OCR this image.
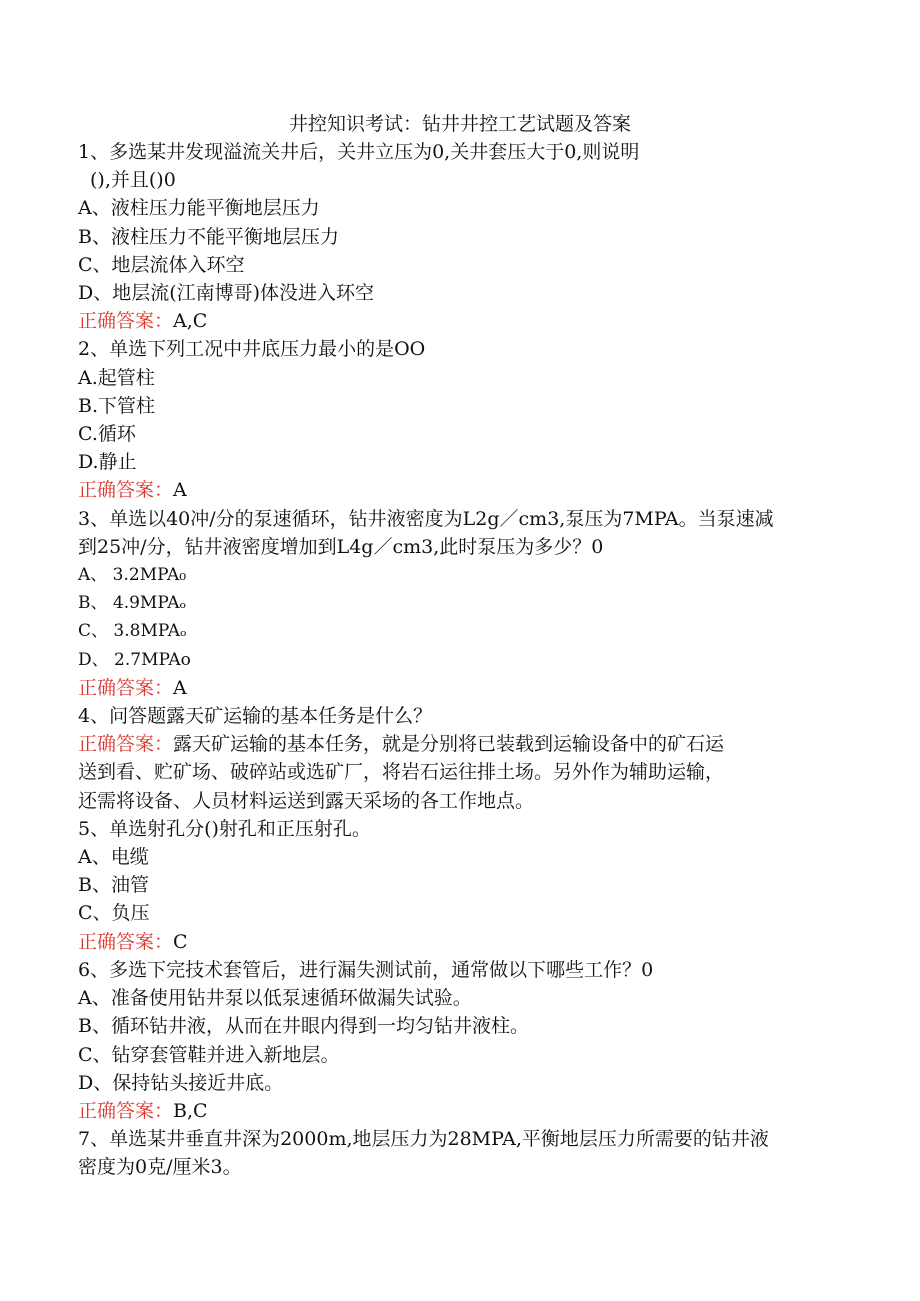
井控知识考试：钻井井控工艺试题及答案
1、多选某井发现溢流关井后，关井立压为0,关井套压大于0,则说明
(),并且()0
A、液柱压力能平衡地层压力
B、液柱压力不能平衡地层压力
C、地层流体入环空
D、地层流(江南博哥)体没进入环空
正确答案：A,C
2、单选下列工况中井底压力最小的是OO
A.起管柱
B.下管柱
C.循环
D.静止
正确答案：A
3、单选以40冲/分的泵速循环，钻井液密度为L2g／cm3,泵压为7MPA。当泵速减
到25冲/分，钻井液密度增加到L4g／cm3,此时泵压为多少？0
A、 3.2MPA₀
B、 4.9MPAₒ
C、 3.8MPAₒ
D、 2.7MPAo
正确答案：A
4、问答题露天矿运输的基本任务是什么？
正确答案：露天矿运输的基本任务，就是分别将已装载到运输设备中的矿石运
送到看、贮矿场、破碎站或选矿厂，将岩石运往排土场。另外作为辅助运输，
还需将设备、人员材料运送到露天采场的各工作地点。
5、单选射孔分()射孔和正压射孔。
A、电缆
B、油管
C、负压
正确答案：C
6、多选下完技术套管后，进行漏失测试前，通常做以下哪些工作？0
A、准备使用钻井泵以低泵速循环做漏失试验。
B、循环钻井液，从而在井眼内得到一均匀钻井液柱。
C、钻穿套管鞋并进入新地层。
D、保持钻头接近井底。
正确答案：B,C
7、单选某井垂直井深为2000m,地层压力为28MPA,平衡地层压力所需要的钻井液
密度为0克/厘米3。
